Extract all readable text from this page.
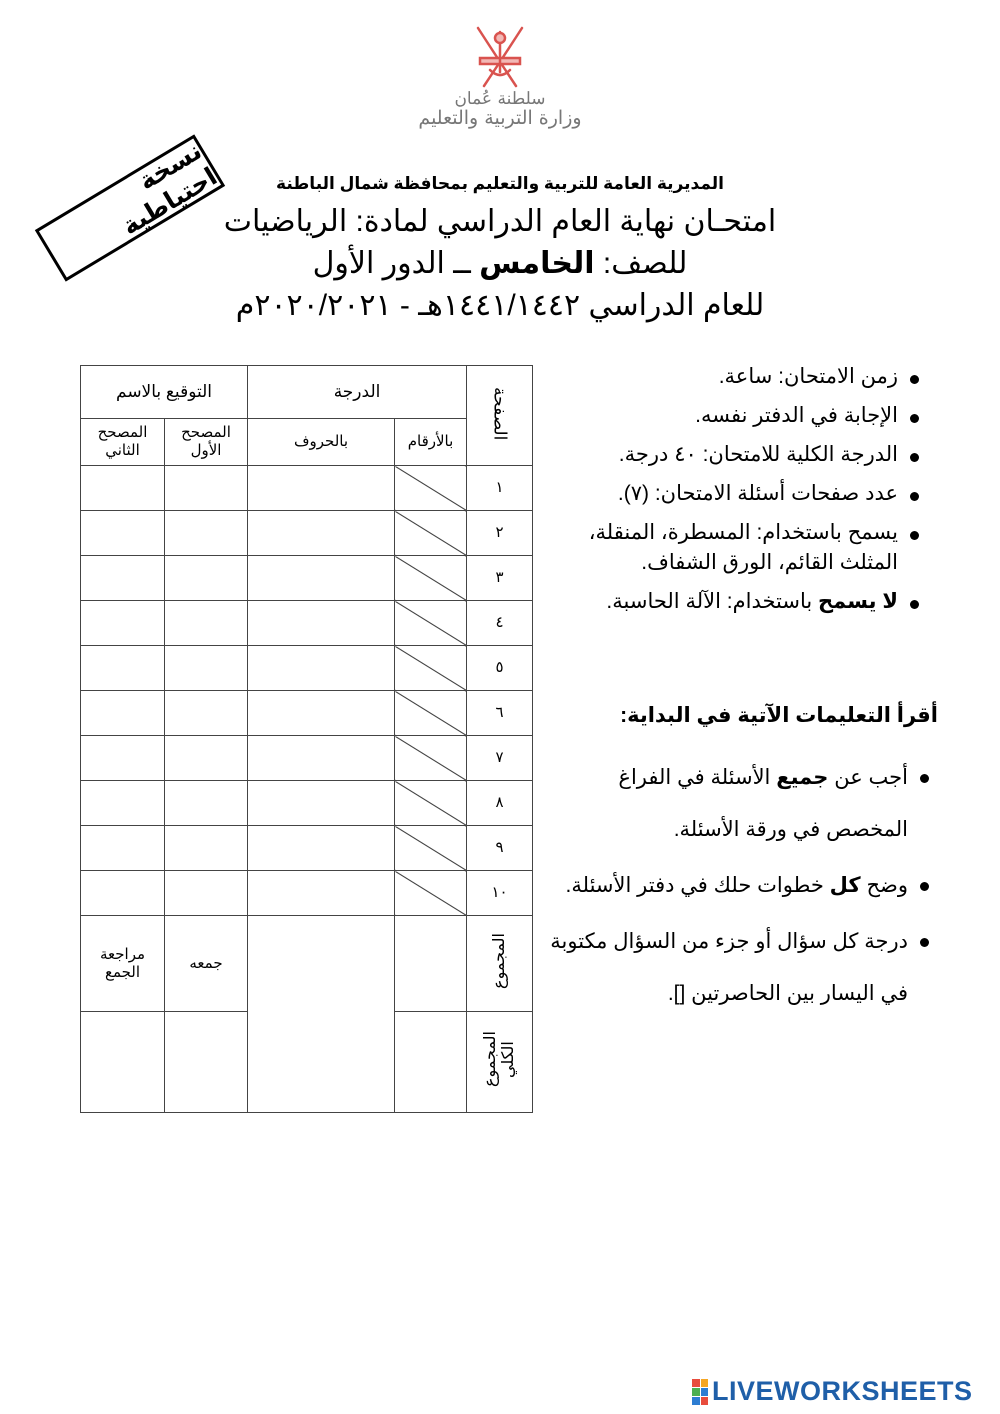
سلطنة عُمان
وزارة التربية والتعليم
نسخة احتياطية	المديرية العامة للتربية والتعليم بمحافظة شمال الباطنة
امتحـان نهاية العام الدراسي لمادة: الرياضيات
للصف: الخامس ــ الدور الأول
للعام الدراسي ١٤٤١/١٤٤٢هـ - ٢٠٢٠/٢٠٢١م
الصفحة	الدرجة		التوقيع بالاسم	
	بالأرقام	بالحروف	المصحح الأول	المصحح الثاني
١				
٢				
٣				
٤				
٥				
٦				
٧				
٨				
٩				
١٠				
المجموع			جمعه	مراجعة الجمع
المجموع الكلي				
زمن الامتحان: ساعة.
الإجابة في الدفتر نفسه.
الدرجة الكلية للامتحان: ٤٠ درجة.
عدد صفحات أسئلة الامتحان: (٧).
يسمح باستخدام: المسطرة، المنقلة، المثلث القائم، الورق الشفاف.
لا يسمح باستخدام: الآلة الحاسبة.
أقرأ التعليمات الآتية في البداية:
أجب عن جميع الأسئلة في الفراغ المخصص في ورقة الأسئلة.
وضح كل خطوات حلك في دفتر الأسئلة.
درجة كل سؤال أو جزء من السؤال مكتوبة في اليسار بين الحاصرتين [].
LIVEWORKSHEETS
